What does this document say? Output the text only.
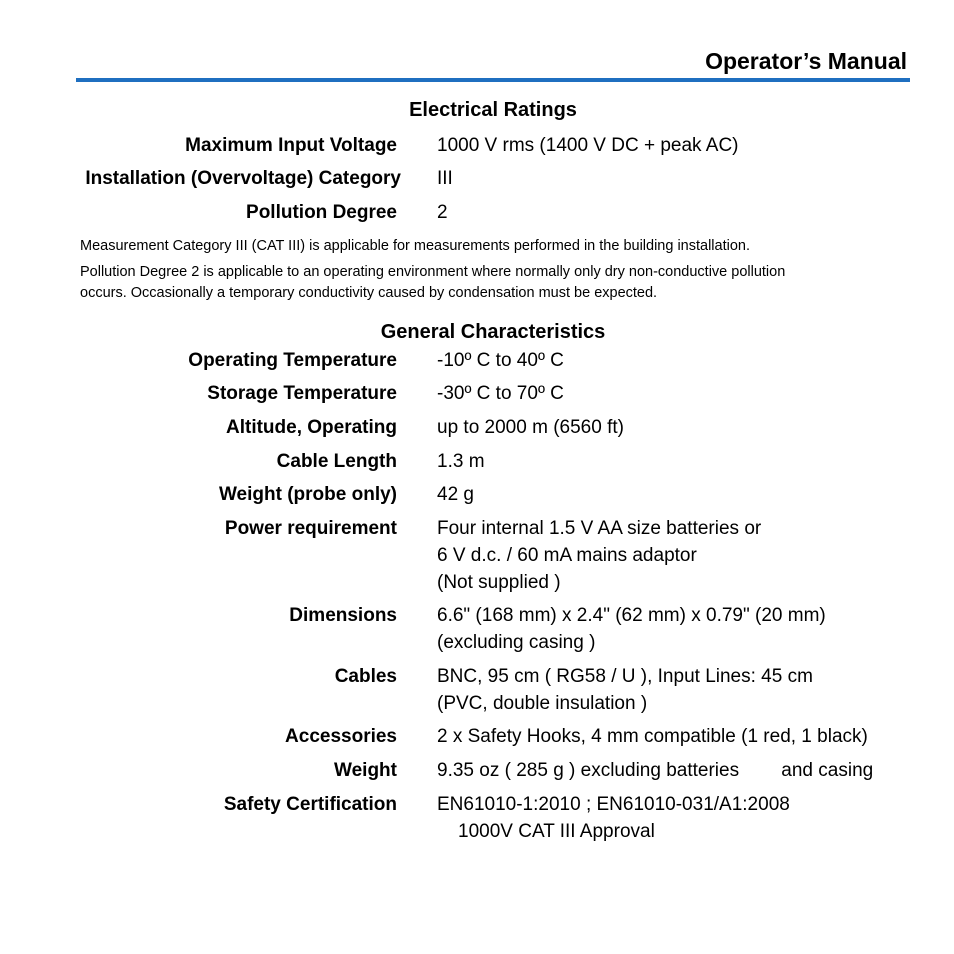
Operator’s Manual
Electrical Ratings
Maximum Input Voltage 1000 V rms (1400 V DC + peak AC)
Installation (Overvoltage) Category III
Pollution Degree 2
Measurement Category III (CAT III) is applicable for measurements performed in the building installation.
Pollution Degree 2 is applicable to an operating environment where normally only dry non-conductive pollution
occurs. Occasionally a temporary conductivity caused by condensation must be expected.
General Characteristics
Operating Temperature -10º C to 40º C
Storage Temperature -30º C to 70º C
Altitude, Operating up to 2000 m (6560 ft)
Cable Length 1.3 m
Weight (probe only) 42 g
Power requirement Four internal 1.5 V AA size batteries or
6 V d.c. / 60 mA mains adaptor
(Not supplied )
Dimensions 6.6" (168 mm) x 2.4" (62 mm) x 0.79" (20 mm)
(excluding casing )
Cables BNC, 95 cm ( RG58 / U ), Input Lines: 45 cm
(PVC, double insulation )
Accessories 2 x Safety Hooks, 4 mm compatible (1 red, 1 black)
Weight 9.35 oz ( 285 g ) excluding batteries        and casing
Safety Certification EN61010-1:2010 ; EN61010-031/A1:2008
1000V CAT III Approval
